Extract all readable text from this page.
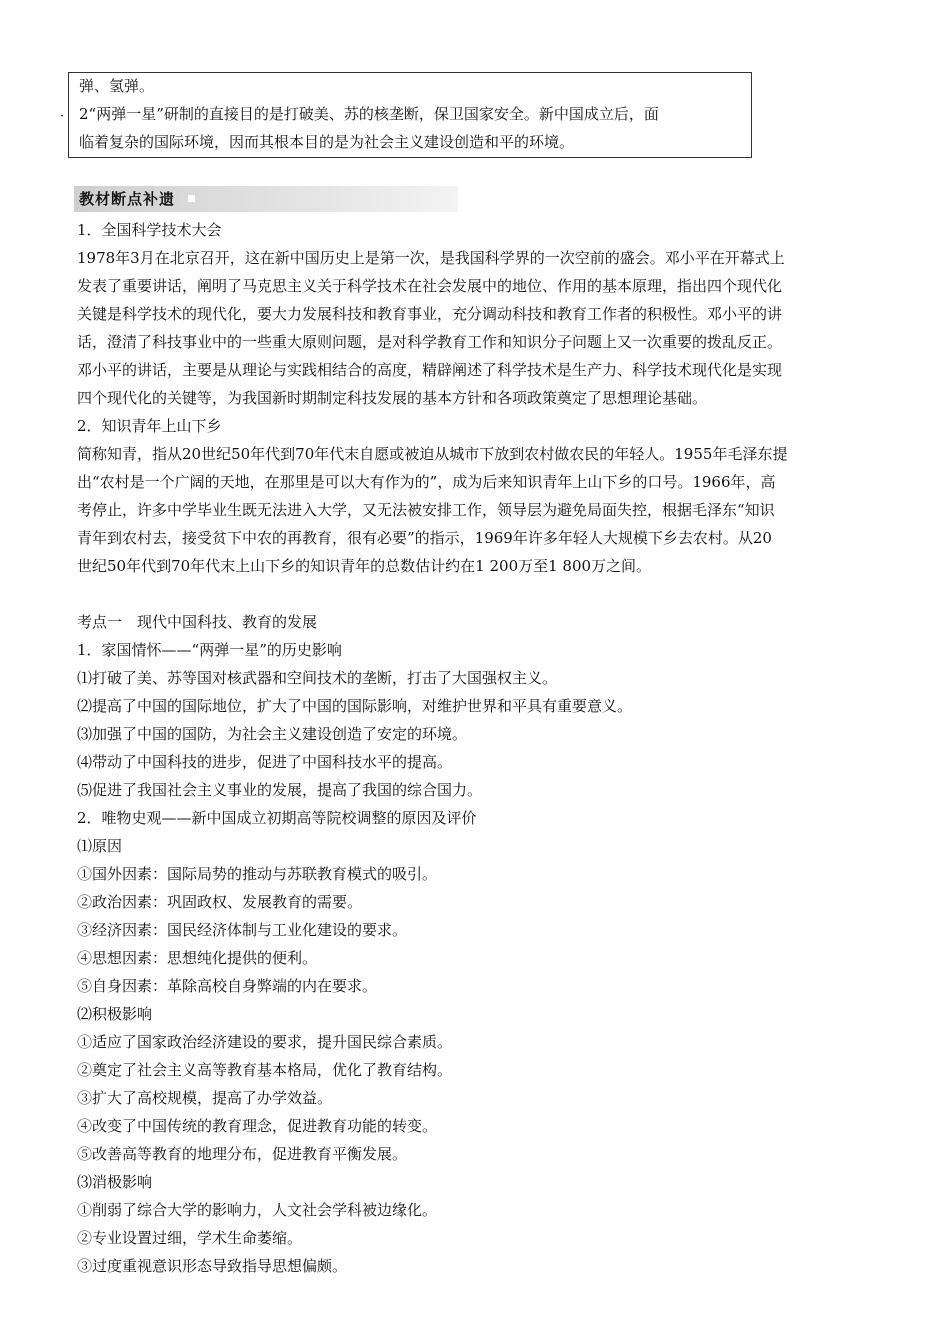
弹、氢弹。
2“两弹一星”研制的直接目的是打破美、苏的核垄断，保卫国家安全。新中国成立后，面
临着复杂的国际环境，因而其根本目的是为社会主义建设创造和平的环境。
·
教材断点补遗

1．全国科学技术大会

1978年3月在北京召开，这在新中国历史上是第一次，是我国科学界的一次空前的盛会。邓小平在开幕式上

发表了重要讲话，阐明了马克思主义关于科学技术在社会发展中的地位、作用的基本原理，指出四个现代化

关键是科学技术的现代化，要大力发展科技和教育事业，充分调动科技和教育工作者的积极性。邓小平的讲

话，澄清了科技事业中的一些重大原则问题，是对科学教育工作和知识分子问题上又一次重要的拨乱反正。

邓小平的讲话，主要是从理论与实践相结合的高度，精辟阐述了科学技术是生产力、科学技术现代化是实现

四个现代化的关键等，为我国新时期制定科技发展的基本方针和各项政策奠定了思想理论基础。

2．知识青年上山下乡

简称知青，指从20世纪50年代到70年代末自愿或被迫从城市下放到农村做农民的年轻人。1955年毛泽东提

出“农村是一个广阔的天地，在那里是可以大有作为的”，成为后来知识青年上山下乡的口号。1966年，高

考停止，许多中学毕业生既无法进入大学，又无法被安排工作，领导层为避免局面失控，根据毛泽东“知识

青年到农村去，接受贫下中农的再教育，很有必要”的指示，1969年许多年轻人大规模下乡去农村。从20

世纪50年代到70年代末上山下乡的知识青年的总数估计约在1 200万至1 800万之间。

考点一　现代中国科技、教育的发展

1．家国情怀——“两弹一星”的历史影响

⑴打破了美、苏等国对核武器和空间技术的垄断，打击了大国强权主义。

⑵提高了中国的国际地位，扩大了中国的国际影响，对维护世界和平具有重要意义。

⑶加强了中国的国防，为社会主义建设创造了安定的环境。

⑷带动了中国科技的进步，促进了中国科技水平的提高。

⑸促进了我国社会主义事业的发展，提高了我国的综合国力。

2．唯物史观——新中国成立初期高等院校调整的原因及评价

⑴原因

①国外因素：国际局势的推动与苏联教育模式的吸引。

②政治因素：巩固政权、发展教育的需要。

③经济因素：国民经济体制与工业化建设的要求。

④思想因素：思想纯化提供的便利。

⑤自身因素：革除高校自身弊端的内在要求。

⑵积极影响

①适应了国家政治经济建设的要求，提升国民综合素质。

②奠定了社会主义高等教育基本格局，优化了教育结构。

③扩大了高校规模，提高了办学效益。

④改变了中国传统的教育理念，促进教育功能的转变。

⑤改善高等教育的地理分布，促进教育平衡发展。

⑶消极影响

①削弱了综合大学的影响力，人文社会学科被边缘化。

②专业设置过细，学术生命萎缩。

③过度重视意识形态导致指导思想偏颇。
